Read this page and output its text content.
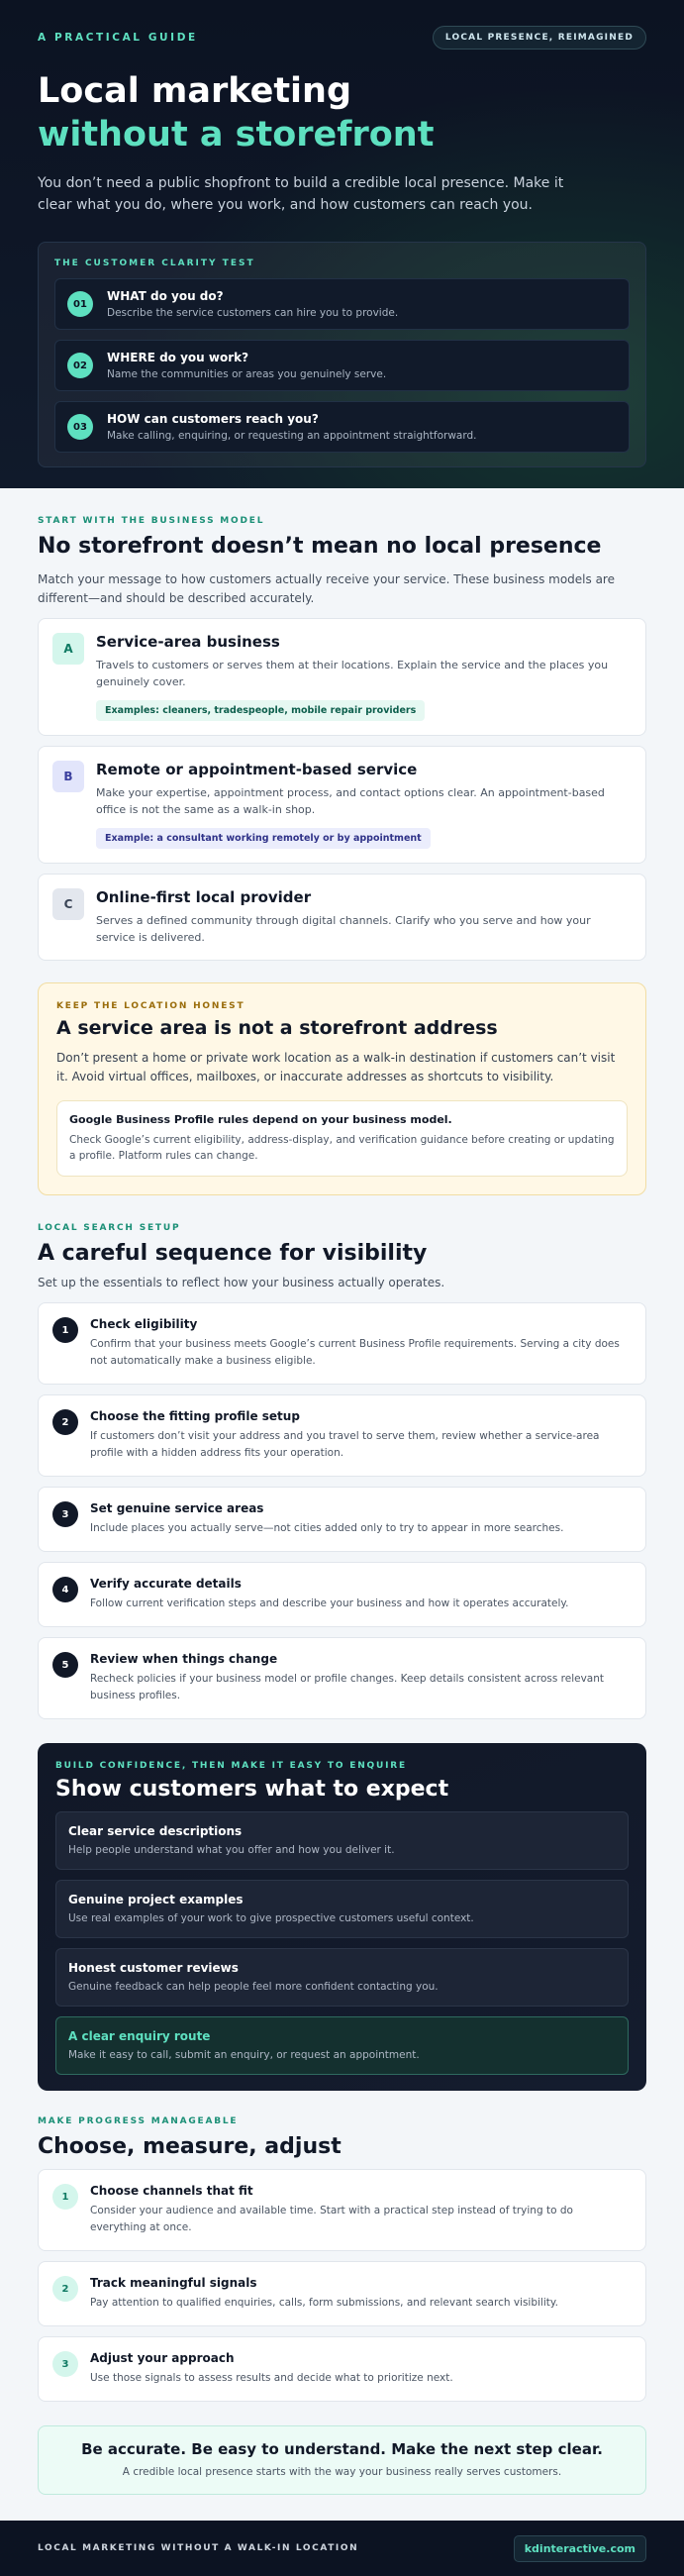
A PRACTICAL GUIDE	LOCAL PRESENCE, REIMAGINED
Local marketing
without a storefront

You don’t need a public shopfront to build a credible local presence. Make it clear what you do, where you work, and how customers can reach you.

THE CUSTOMER CLARITY TEST
01
WHAT do you do?
Describe the service customers can hire you to provide.
02
WHERE do you work?
Name the communities or areas you genuinely serve.
03
HOW can customers reach you?
Make calling, enquiring, or requesting an appointment straightforward.
START WITH THE BUSINESS MODEL
No storefront doesn’t mean no local presence

Match your message to how customers actually receive your service. These business models are different—and should be described accurately.

A	Service-area business
Travels to customers or serves them at their locations. Explain the service and the places you genuinely cover.
Examples: cleaners, tradespeople, mobile repair providers
B	Remote or appointment-based service
Make your expertise, appointment process, and contact options clear. An appointment-based office is not the same as a walk-in shop.
Example: a consultant working remotely or by appointment
C	Online-first local provider
Serves a defined community through digital channels. Clarify who you serve and how your service is delivered.
KEEP THE LOCATION HONEST
A service area is not a storefront address

Don’t present a home or private work location as a walk-in destination if customers can’t visit it. Avoid virtual offices, mailboxes, or inaccurate addresses as shortcuts to visibility.

Google Business Profile rules depend on your business model.
Check Google’s current eligibility, address-display, and verification guidance before creating or updating a profile. Platform rules can change.
LOCAL SEARCH SETUP
A careful sequence for visibility

Set up the essentials to reflect how your business actually operates.

1	Check eligibility
Confirm that your business meets Google’s current Business Profile requirements. Serving a city does not automatically make a business eligible.
2	Choose the fitting profile setup
If customers don’t visit your address and you travel to serve them, review whether a service-area profile with a hidden address fits your operation.
3	Set genuine service areas
Include places you actually serve—not cities added only to try to appear in more searches.
4	Verify accurate details
Follow current verification steps and describe your business and how it operates accurately.
5	Review when things change
Recheck policies if your business model or profile changes. Keep details consistent across relevant business profiles.
BUILD CONFIDENCE, THEN MAKE IT EASY TO ENQUIRE
Show customers what to expect
Clear service descriptions
Help people understand what you offer and how you deliver it.
Genuine project examples
Use real examples of your work to give prospective customers useful context.
Honest customer reviews
Genuine feedback can help people feel more confident contacting you.
A clear enquiry route
Make it easy to call, submit an enquiry, or request an appointment.
MAKE PROGRESS MANAGEABLE
Choose, measure, adjust
1	Choose channels that fit
Consider your audience and available time. Start with a practical step instead of trying to do everything at once.
2	Track meaningful signals
Pay attention to qualified enquiries, calls, form submissions, and relevant search visibility.
3	Adjust your approach
Use those signals to assess results and decide what to prioritize next.
Be accurate. Be easy to understand. Make the next step clear.
A credible local presence starts with the way your business really serves customers.
LOCAL MARKETING WITHOUT A WALK-IN LOCATION	kdinteractive.com
